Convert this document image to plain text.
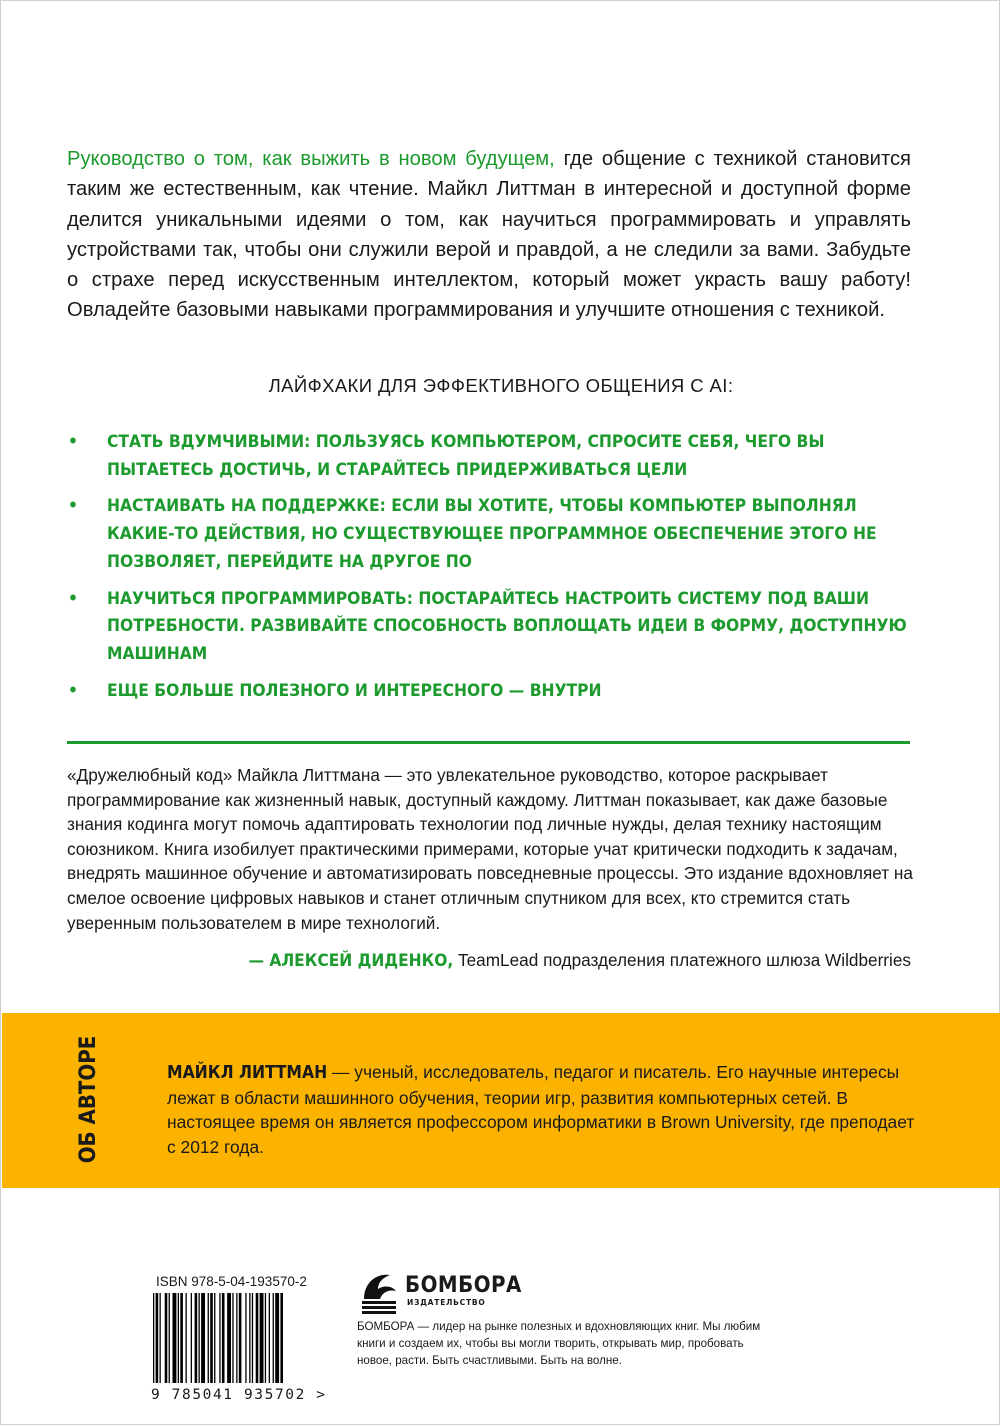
Руководство о том, как выжить в новом будущем, где общение с техникой становится таким же естественным, как чтение. Майкл Литтман в интересной и доступной форме делится уникальными идеями о том, как научиться программировать и управлять устройствами так, чтобы они служили верой и правдой, а не следили за вами. Забудьте о страхе перед искусственным интеллектом, который может украсть вашу работу! Овладейте базовыми навыками программирования и улучшите отношения с техникой.

ЛАЙФХАКИ ДЛЯ ЭФФЕКТИВНОГО ОБЩЕНИЯ С AI:
• СТАТЬ ВДУМЧИВЫМИ: ПОЛЬЗУЯСЬ КОМПЬЮТЕРОМ, СПРОСИТЕ СЕБЯ, ЧЕГО ВЫ ПЫТАЕТЕСЬ ДОСТИЧЬ, И СТАРАЙТЕСЬ ПРИДЕРЖИВАТЬСЯ ЦЕЛИ
• НАСТАИВАТЬ НА ПОДДЕРЖКЕ: ЕСЛИ ВЫ ХОТИТЕ, ЧТОБЫ КОМПЬЮТЕР ВЫПОЛНЯЛ КАКИЕ-ТО ДЕЙСТВИЯ, НО СУЩЕСТВУЮЩЕЕ ПРОГРАММНОЕ ОБЕСПЕЧЕНИЕ ЭТОГО НЕ ПОЗВОЛЯЕТ, ПЕРЕЙДИТЕ НА ДРУГОЕ ПО
• НАУЧИТЬСЯ ПРОГРАММИРОВАТЬ: ПОСТАРАЙТЕСЬ НАСТРОИТЬ СИСТЕМУ ПОД ВАШИ ПОТРЕБНОСТИ. РАЗВИВАЙТЕ СПОСОБНОСТЬ ВОПЛОЩАТЬ ИДЕИ В ФОРМУ, ДОСТУПНУЮ МАШИНАМ
• ЕЩЕ БОЛЬШЕ ПОЛЕЗНОГО И ИНТЕРЕСНОГО — ВНУТРИ

«Дружелюбный код» Майкла Литтмана — это увлекательное руководство, которое раскрывает программирование как жизненный навык, доступный каждому. Литтман показывает, как даже базовые знания кодинга могут помочь адаптировать технологии под личные нужды, делая технику настоящим союзником. Книга изобилует практическими примерами, которые учат критически подходить к задачам, внедрять машинное обучение и автоматизировать повседневные процессы. Это издание вдохновляет на смелое освоение цифровых навыков и станет отличным спутником для всех, кто стремится стать уверенным пользователем в мире технологий.

— АЛЕКСЕЙ ДИДЕНКО, TeamLead подразделения платежного шлюза Wildberries
ОБ АВТОРЕ	МАЙКЛ ЛИТТМАН — ученый, исследователь, педагог и писатель. Его научные интересы лежат в области машинного обучения, теории игр, развития компьютерных сетей. В настоящее время он является профессором информатики в Brown University, где преподает с 2012 года.

ISBN 978-5-04-193570-2
9 785041 935702 >
БОМБОРА
ИЗДАТЕЛЬСТВО

БОМБОРА — лидер на рынке полезных и вдохновляющих книг. Мы любим книги и создаем их, чтобы вы могли творить, открывать мир, пробовать новое, расти. Быть счастливыми. Быть на волне.
